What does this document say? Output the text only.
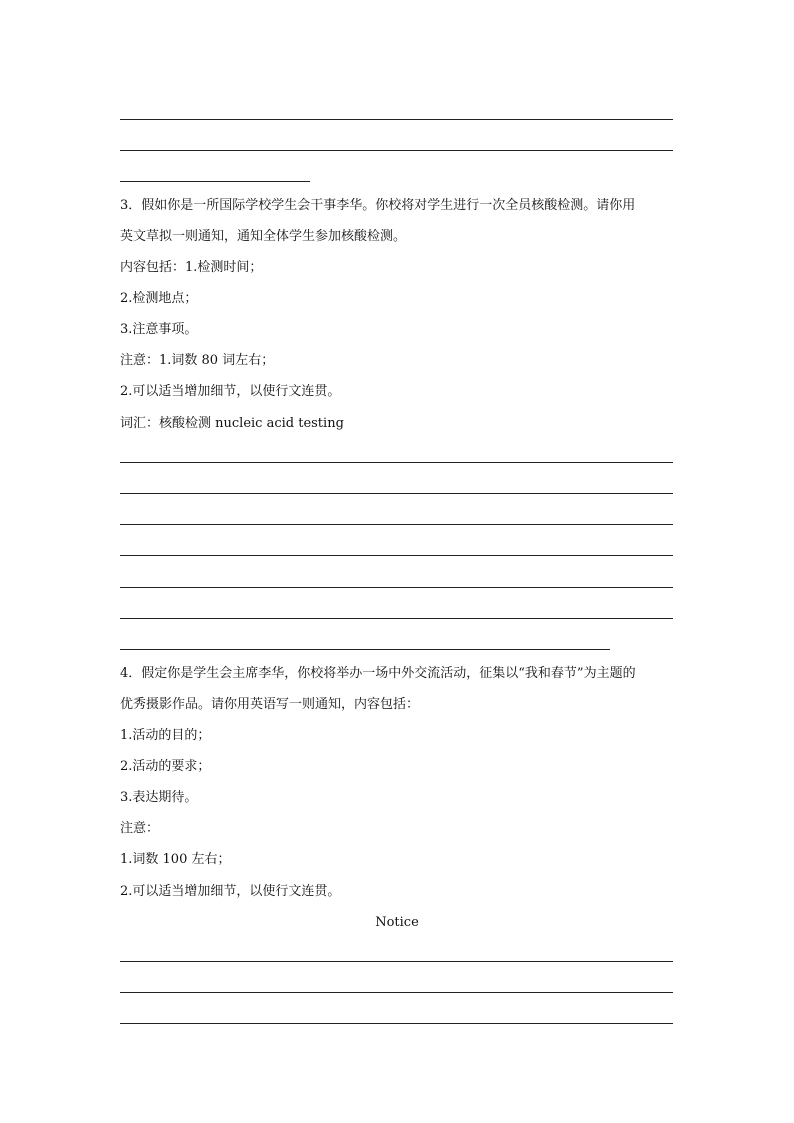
3．假如你是一所国际学校学生会干事李华。你校将对学生进行一次全员核酸检测。请你用
英文草拟一则通知，通知全体学生参加核酸检测。
内容包括：1.检测时间；
2.检测地点；
3.注意事项。
注意：1.词数 80 词左右；
2.可以适当增加细节，以使行文连贯。
词汇：核酸检测 nucleic acid testing
4．假定你是学生会主席李华，你校将举办一场中外交流活动，征集以“我和春节”为主题的
优秀摄影作品。请你用英语写一则通知，内容包括：
1.活动的目的；
2.活动的要求；
3.表达期待。
注意：
1.词数 100 左右；
2.可以适当增加细节，以使行文连贯。
Notice
